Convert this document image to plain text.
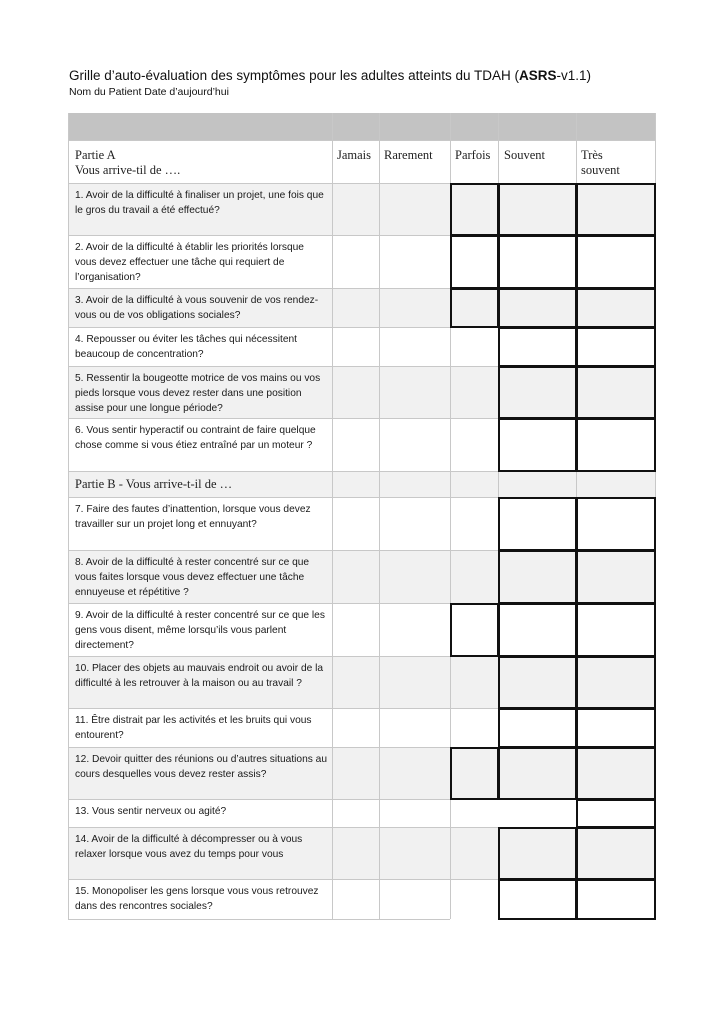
Grille d’auto-évaluation des symptômes pour les adultes atteints du TDAH (ASRS-v1.1)
Nom du Patient Date d’aujourd’hui
Partie A
Vous arrive-til de ….
Jamais Rarement Parfois Souvent	Très souvent
Partie B - Vous arrive-t-il de …
1. Avoir de la difficulté à finaliser un projet, une fois que le gros du travail a été effectué?
2. Avoir de la difficulté à établir les priorités lorsque vous devez effectuer une tâche qui requiert de l’organisation?
3. Avoir de la difficulté à vous souvenir de vos rendez-vous ou de vos obligations sociales?
4. Repousser ou éviter les tâches qui nécessitent beaucoup de concentration?
5. Ressentir la bougeotte motrice de vos mains ou vos pieds lorsque vous devez rester dans une position assise pour une longue période?
6. Vous sentir hyperactif ou contraint de faire quelque chose comme si vous étiez entraîné par un moteur ?
7. Faire des fautes d’inattention, lorsque vous devez travailler sur un projet long et ennuyant?
8. Avoir de la difficulté à rester concentré sur ce que vous faites lorsque vous devez effectuer une tâche ennuyeuse et répétitive ?
9. Avoir de la difficulté à rester concentré sur ce que les gens vous disent, même lorsqu’ils vous parlent directement?
10. Placer des objets au mauvais endroit ou avoir de la difficulté à les retrouver à la maison ou au travail ?
11. Être distrait par les activités et les bruits qui vous entourent?
12. Devoir quitter des réunions ou d’autres situations au cours desquelles vous devez rester assis?
13. Vous sentir nerveux ou agité?
14. Avoir de la difficulté à décompresser ou à vous relaxer lorsque vous avez du temps pour vous
15. Monopoliser les gens lorsque vous vous retrouvez dans des rencontres sociales?
